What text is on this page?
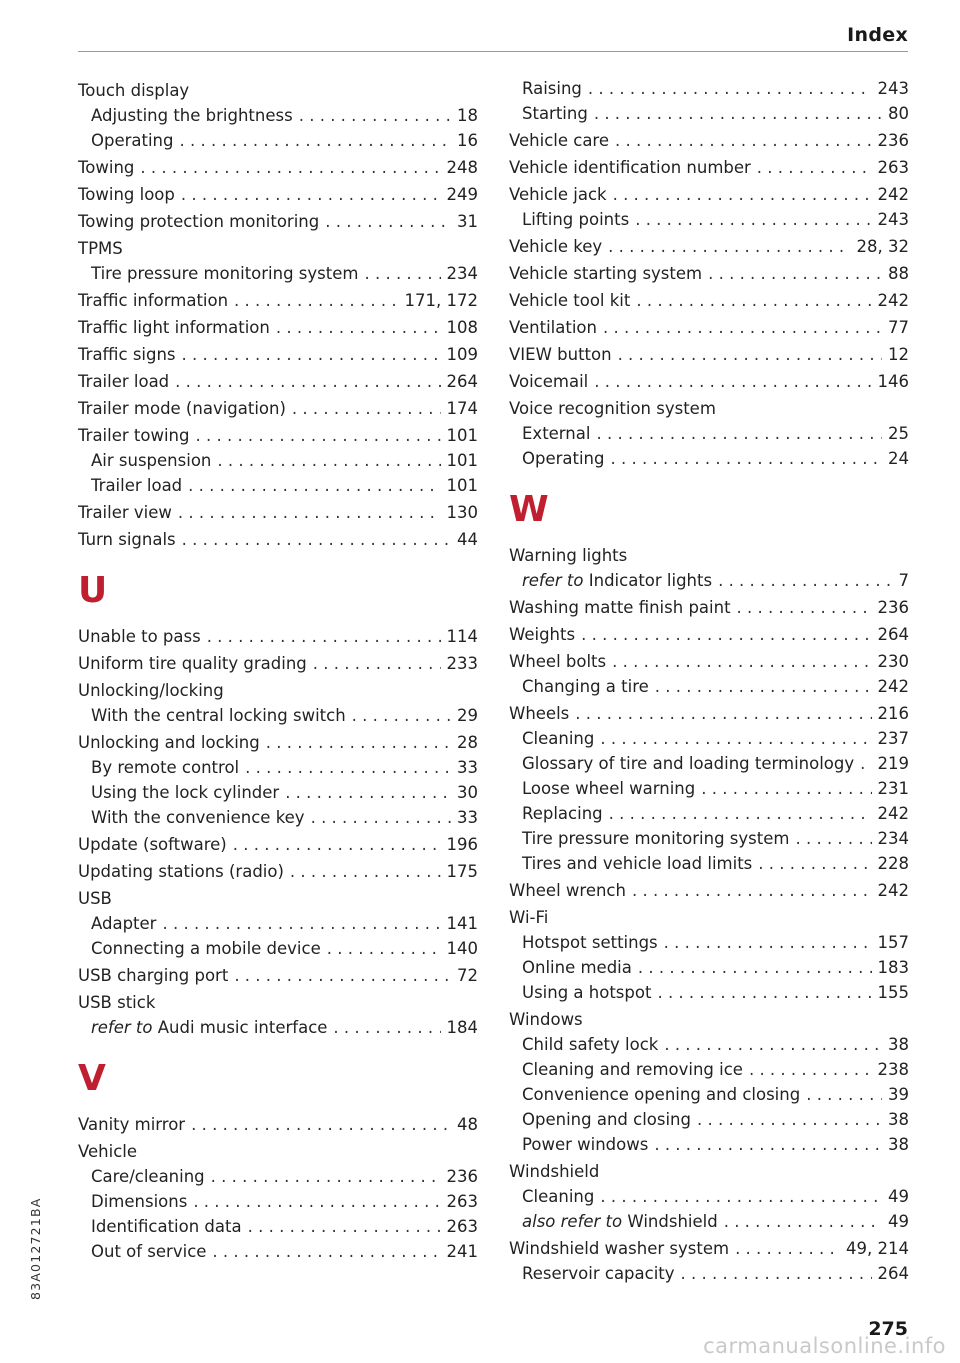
Index
Touch display
Adjusting the brightness . . .	18
Operating . . .	16
Towing . . .	248
Towing loop . . .	249
Towing protection monitoring . . .	31
TPMS
Tire pressure monitoring system . . .	234
Traffic information . . .	171, 172
Traffic light information . . .	108
Traffic signs . . .	109
Trailer load . . .	264
Trailer mode (navigation) . . .	174
Trailer towing . . .	101
Air suspension . . .	101
Trailer load . . .	101
Trailer view . . .	130
Turn signals . . .	44
U
Unable to pass . . .	114
Uniform tire quality grading . . .	233
Unlocking/locking
With the central locking switch . . .	29
Unlocking and locking . . .	28
By remote control . . .	33
Using the lock cylinder . . .	30
With the convenience key . . .	33
Update (software) . . .	196
Updating stations (radio) . . .	175
USB
Adapter . . .	141
Connecting a mobile device . . .	140
USB charging port . . .	72
USB stick
refer to Audi music interface . . .	184
V
Vanity mirror . . .	48
Vehicle
Care/cleaning . . .	236
Dimensions . . .	263
Identification data . . .	263
Out of service . . .	241
Raising . . .	243
Starting . . .	80
Vehicle care . . .	236
Vehicle identification number . . .	263
Vehicle jack . . .	242
Lifting points . . .	243
Vehicle key . . .	28, 32
Vehicle starting system . . .	88
Vehicle tool kit . . .	242
Ventilation . . .	77
VIEW button . . .	12
Voicemail . . .	146
Voice recognition system
External . . .	25
Operating . . .	24
W
Warning lights
refer to Indicator lights . . .	7
Washing matte finish paint . . .	236
Weights . . .	264
Wheel bolts . . .	230
Changing a tire . . .	242
Wheels . . .	216
Cleaning . . .	237
Glossary of tire and loading terminology . . . 219
Loose wheel warning . . .	231
Replacing . . .	242
Tire pressure monitoring system . . .	234
Tires and vehicle load limits . . .	228
Wheel wrench . . .	242
Wi-Fi
Hotspot settings . . .	157
Online media . . .	183
Using a hotspot . . .	155
Windows
Child safety lock . . .	38
Cleaning and removing ice . . .	238
Convenience opening and closing . . .	39
Opening and closing . . .	38
Power windows . . .	38
Windshield
Cleaning . . .	49
also refer to Windshield . . .	49
Windshield washer system . . .	49, 214
Reservoir capacity . . .	264
83A012721BA
275
carmanualsonline.info
